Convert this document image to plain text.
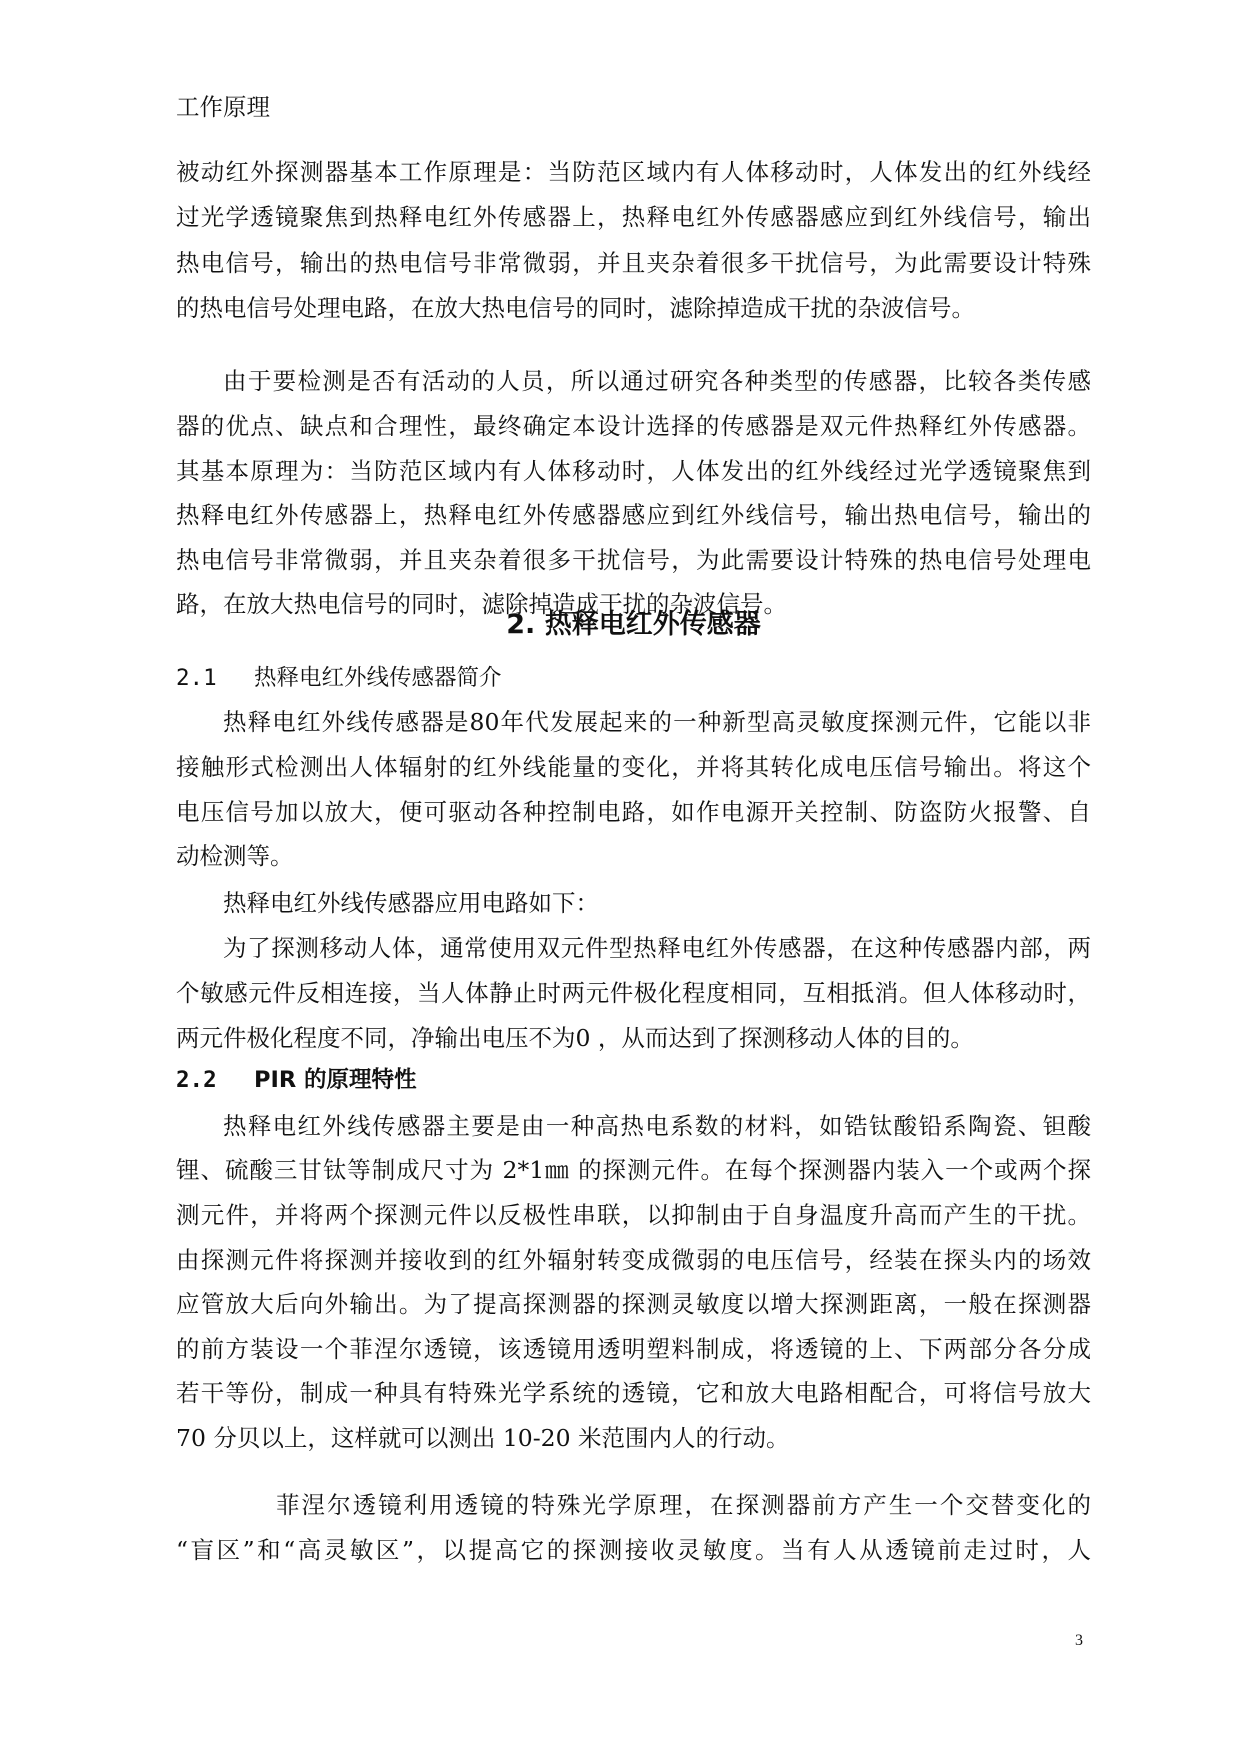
工作原理

被动红外探测器基本工作原理是：当防范区域内有人体移动时，人体发出的红外线经

过光学透镜聚焦到热释电红外传感器上，热释电红外传感器感应到红外线信号，输出

热电信号，输出的热电信号非常微弱，并且夹杂着很多干扰信号，为此需要设计特殊

的热电信号处理电路，在放大热电信号的同时，滤除掉造成干扰的杂波信号。

由于要检测是否有活动的人员，所以通过研究各种类型的传感器，比较各类传感

器的优点、缺点和合理性，最终确定本设计选择的传感器是双元件热释红外传感器。

其基本原理为：当防范区域内有人体移动时，人体发出的红外线经过光学透镜聚焦到

热释电红外传感器上，热释电红外传感器感应到红外线信号，输出热电信号，输出的

热电信号非常微弱，并且夹杂着很多干扰信号，为此需要设计特殊的热电信号处理电

路，在放大热电信号的同时，滤除掉造成干扰的杂波信号。

2. 热释电红外传感器

2.1 热释电红外线传感器简介

热释电红外线传感器是80年代发展起来的一种新型高灵敏度探测元件，它能以非

接触形式检测出人体辐射的红外线能量的变化，并将其转化成电压信号输出。将这个

电压信号加以放大，便可驱动各种控制电路，如作电源开关控制、防盗防火报警、自

动检测等。

热释电红外线传感器应用电路如下：

为了探测移动人体，通常使用双元件型热释电红外传感器，在这种传感器内部，两

个敏感元件反相连接，当人体静止时两元件极化程度相同，互相抵消。但人体移动时，

两元件极化程度不同，净输出电压不为0 ，从而达到了探测移动人体的目的。

2.2 PIR 的原理特性

热释电红外线传感器主要是由一种高热电系数的材料，如锆钛酸铅系陶瓷、钽酸

锂、硫酸三甘钛等制成尺寸为 2*1㎜ 的探测元件。在每个探测器内装入一个或两个探

测元件，并将两个探测元件以反极性串联，以抑制由于自身温度升高而产生的干扰。

由探测元件将探测并接收到的红外辐射转变成微弱的电压信号，经装在探头内的场效

应管放大后向外输出。为了提高探测器的探测灵敏度以增大探测距离，一般在探测器

的前方装设一个菲涅尔透镜，该透镜用透明塑料制成，将透镜的上、下两部分各分成

若干等份，制成一种具有特殊光学系统的透镜，它和放大电路相配合，可将信号放大

70 分贝以上，这样就可以测出 10-20 米范围内人的行动。

菲涅尔透镜利用透镜的特殊光学原理，在探测器前方产生一个交替变化的

“盲区”和“高灵敏区”，以提高它的探测接收灵敏度。当有人从透镜前走过时，人

3
